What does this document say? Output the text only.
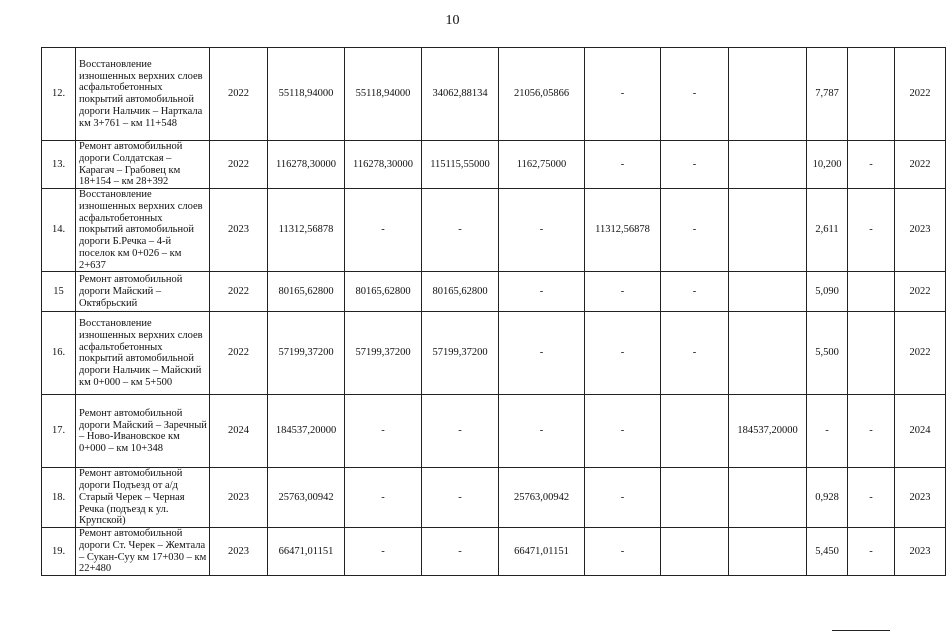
10
12.	Восстановление изношенных верхних слоев асфальтобетонных покрытий автомобильной дороги Нальчик – Нарткала км 3+761 – км 11+548	2022	55118,94000	55118,94000	34062,88134	21056,05866	-	-		7,787		2022
13.	Ремонт автомобильной дороги Солдатская – Карагач – Грабовец км 18+154 – км 28+392	2022	116278,30000	116278,30000	115115,55000	1162,75000	-	-		10,200	-	2022
14.	Восстановление изношенных верхних слоев асфальтобетонных покрытий автомобильной дороги Б.Речка – 4-й поселок км 0+026 – км 2+637	2023	11312,56878	-	-	-	11312,56878	-		2,611	-	2023
15	Ремонт автомобильной дороги Майский – Октябрьский	2022	80165,62800	80165,62800	80165,62800	-	-	-		5,090		2022
16.	Восстановление изношенных верхних слоев асфальтобетонных покрытий автомобильной дороги Нальчик – Майский км 0+000 – км 5+500	2022	57199,37200	57199,37200	57199,37200	-	-	-		5,500		2022
17.	Ремонт автомобильной дороги Майский – Заречный – Ново-Ивановское км 0+000 – км 10+348	2024	184537,20000	-	-	-	-		184537,20000	-	-	2024
18.	Ремонт автомобильной дороги Подъезд от а/д Старый Черек – Черная Речка (подъезд к ул. Крупской)	2023	25763,00942	-	-	25763,00942	-			0,928	-	2023
19.	Ремонт автомобильной дороги Ст. Черек – Жемтала – Сукан-Суу км 17+030 – км 22+480	2023	66471,01151	-	-	66471,01151	-			5,450	-	2023
